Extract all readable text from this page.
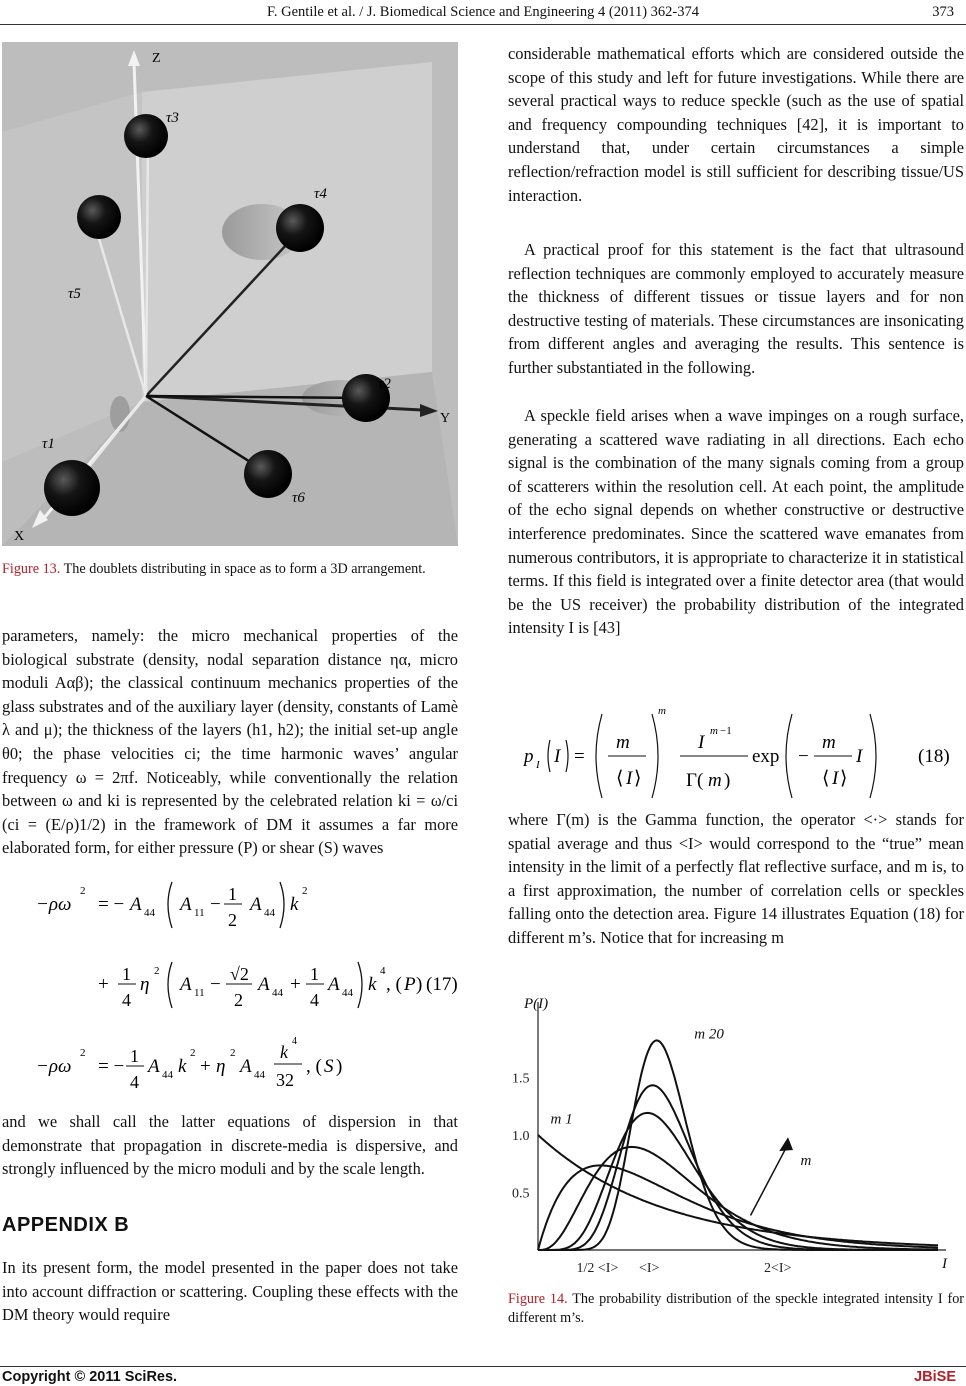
F. Gentile et al. / J. Biomedical Science and Engineering 4 (2011) 362-374	373
Z
Y
X
τ3
τ4
τ5
τ2
τ1
τ6
Figure 13. The doublets distributing in space as to form a 3D arrangement.

parameters, namely: the micro mechanical properties of the biological substrate (density, nodal separation distance ηα, micro moduli Aαβ); the classical continuum mechanics properties of the glass substrates and of the auxiliary layer (density, constants of Lamè λ and μ); the thickness of the layers (h1, h2); the initial set-up angle θ0; the phase velocities ci; the time harmonic waves’ angular frequency ω = 2πf. Noticeably, while conventionally the relation between ω and ki is represented by the celebrated relation ki = ω/ci (ci = (E/ρ)1/2) in the framework of DM it assumes a far more elaborated form, for either pressure (P) or shear (S) waves

−ρω
2
= − A 44 A 11 − 1
2
A 44 k
2
+ 1
4
η
2
A 11 − √2
2
A 44 + 1
4
A 44 k
4
, ( P ) (17)
−ρω
2
= − 1
4
A 44 k
2
+ η
2
A 44
k
4
32
, ( S )

and we shall call the latter equations of dispersion in that demonstrate that propagation in discrete-media is dispersive, and strongly influenced by the micro moduli and by the scale length.

APPENDIX B

In its present form, the model presented in the paper does not take into account diffraction or scattering. Coupling these effects with the DM theory would require

considerable mathematical efforts which are considered outside the scope of this study and left for future investigations. While there are several practical ways to reduce speckle (such as the use of spatial and frequency compounding techniques [42], it is important to understand that, under certain circumstances a simple reflection/refraction model is still sufficient for describing tissue/US interaction.

A practical proof for this statement is the fact that ultrasound reflection techniques are commonly employed to accurately measure the thickness of different tissues or tissue layers and for non destructive testing of materials. These circumstances are insonicating from different angles and averaging the results. This sentence is further substantiated in the following.

A speckle field arises when a wave impinges on a rough surface, generating a scattered wave radiating in all directions. Each echo signal is the combination of the many signals coming from a group of scatterers within the resolution cell. At each point, the amplitude of the echo signal depends on whether constructive or destructive interference predominates. Since the scattered wave emanates from numerous contributors, it is appropriate to characterize it in statistical terms. If this field is integrated over a finite detector area (that would be the US receiver) the probability distribution of the integrated intensity I is [43]

p I I =
m
⟨ I ⟩
m
I
m −1
Γ( m )
exp −
m
⟨ I ⟩
I	(18)

where Γ(m) is the Gamma function, the operator <·> stands for spatial average and thus <I> would correspond to the “true” mean intensity in the limit of a perfectly flat reflective surface, and m is, to a first approximation, the number of correlation cells or speckles falling onto the detection area. Figure 14 illustrates Equation (18) for different m’s. Notice that for increasing m

0.5
1.0
1.5
1/2 <I> <I>	2<I>
P(I)
I
m 20
m 1
m
Figure 14. The probability distribution of the speckle integrated intensity I for different m’s.
Copyright © 2011 SciRes.	JBiSE
